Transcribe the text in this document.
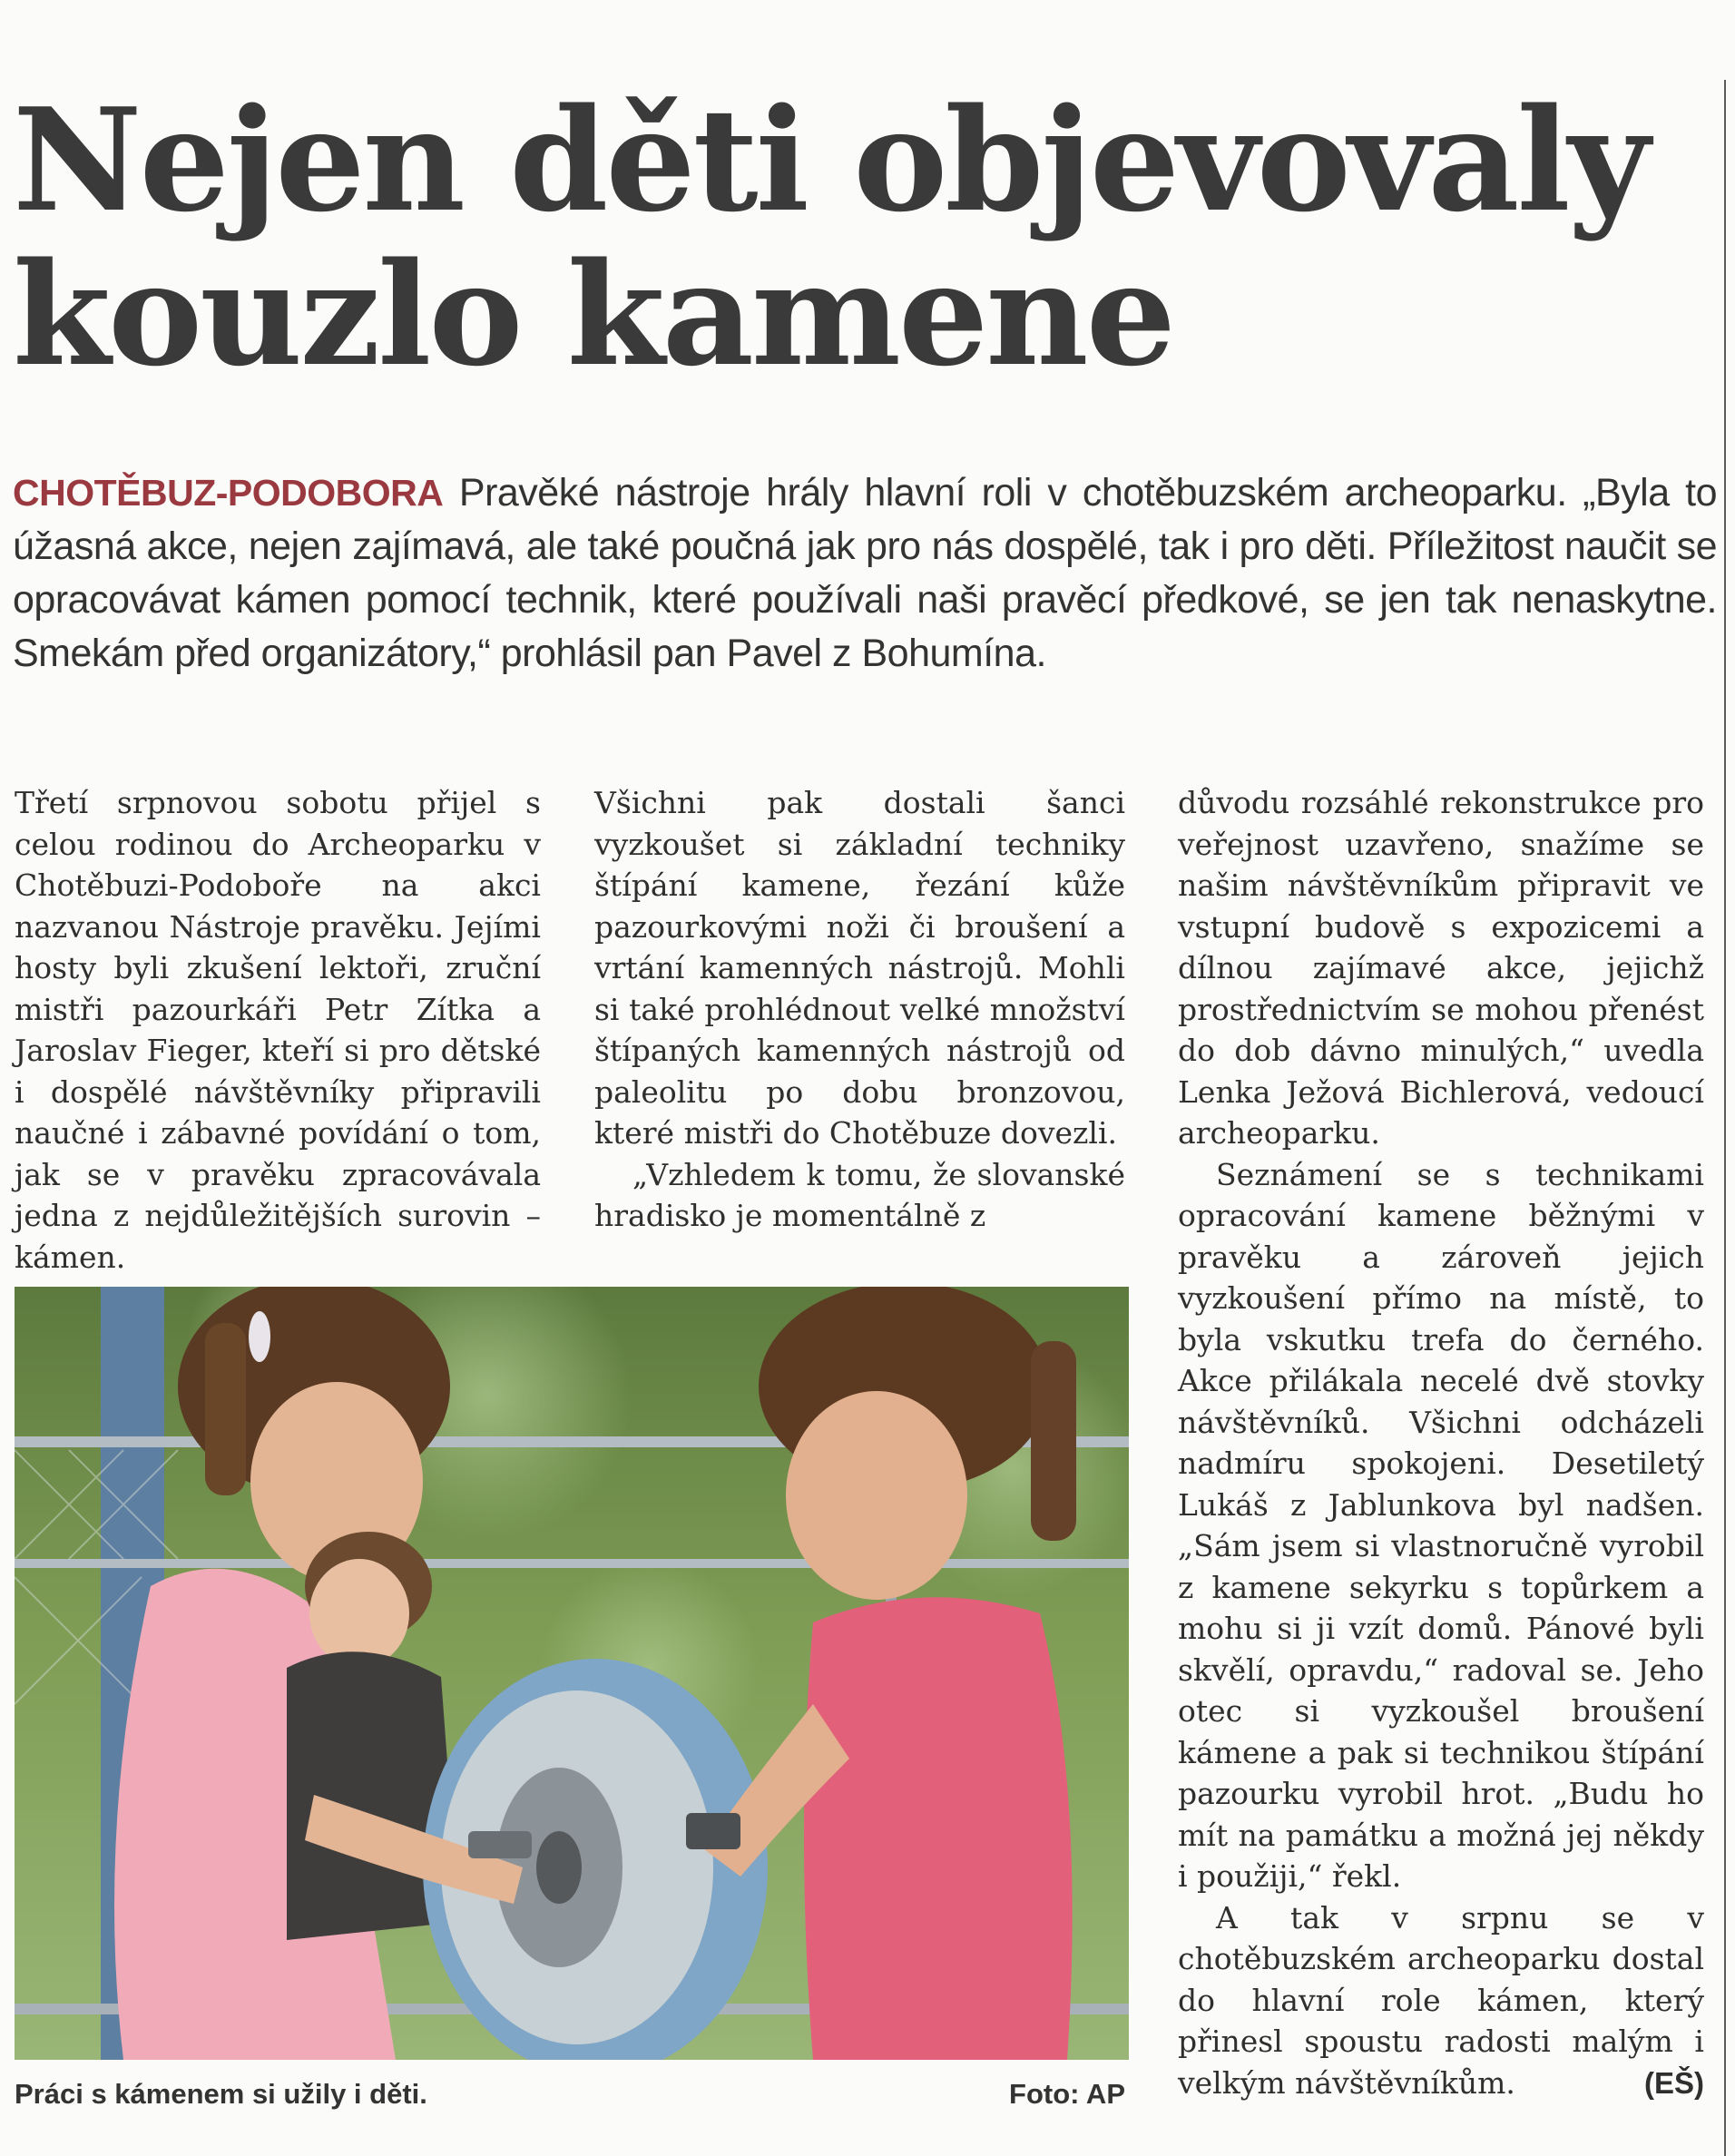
Nejen děti objevovaly kouzlo kamene
CHOTĚBUZ-PODOBORA Pravěké nástroje hrály hlavní roli v chotěbuzském archeoparku. „Byla to úžasná akce, nejen zajímavá, ale také poučná jak pro nás dospělé, tak i pro děti. Příležitost naučit se opracovávat kámen pomocí technik, které používali naši pravěcí předkové, se jen tak nenaskytne. Smekám před organizátory,“ prohlásil pan Pavel z Bohumína.

Třetí srpnovou sobotu přijel s celou rodinou do Archeoparku v Chotěbuzi-Podoboře na akci nazvanou Nástroje pravěku. Jejími hosty byli zkušení lektoři, zruční mistři pazourkáři Petr Zítka a Jaroslav Fieger, kteří si pro dětské i dospělé návštěvníky připravili naučné i zábavné povídání o tom, jak se v pravěku zpracovávala jedna z nejdůležitějších surovin – kámen.

Všichni pak dostali šanci vyzkoušet si základní techniky štípání kamene, řezání kůže pazourkovými noži či broušení a vrtání kamenných nástrojů. Mohli si také prohlédnout velké množství štípaných kamenných nástrojů od paleolitu po dobu bronzovou, které mistři do Chotěbuze dovezli.

„Vzhledem k tomu, že slovanské hradisko je momentálně z

důvodu rozsáhlé rekonstrukce pro veřejnost uzavřeno, snažíme se našim návštěvníkům připravit ve vstupní budově s expozicemi a dílnou zajímavé akce, jejichž prostřednictvím se mohou přenést do dob dávno minulých,“ uvedla Lenka Ježová Bichlerová, vedoucí archeoparku.

Seznámení se s technikami opracování kamene běžnými v pravěku a zároveň jejich vyzkoušení přímo na místě, to byla vskutku trefa do černého. Akce přilákala necelé dvě stovky návštěvníků. Všichni odcházeli nadmíru spokojeni. Desetiletý Lukáš z Jablunkova byl nadšen. „Sám jsem si vlastnoručně vyrobil z kamene sekyrku s topůrkem a mohu si ji vzít domů. Pánové byli skvělí, opravdu,“ radoval se. Jeho otec si vyzkoušel broušení kámene a pak si technikou štípání pazourku vyrobil hrot. „Budu ho mít na památku a možná jej někdy i použiji,“ řekl.

A tak v srpnu se v chotěbuzském archeoparku dostal do hlavní role kámen, který přinesl spoustu radosti malým i velkým návštěvníkům.	(EŠ)

Práci s kámenem si užily i děti.	Foto: AP
